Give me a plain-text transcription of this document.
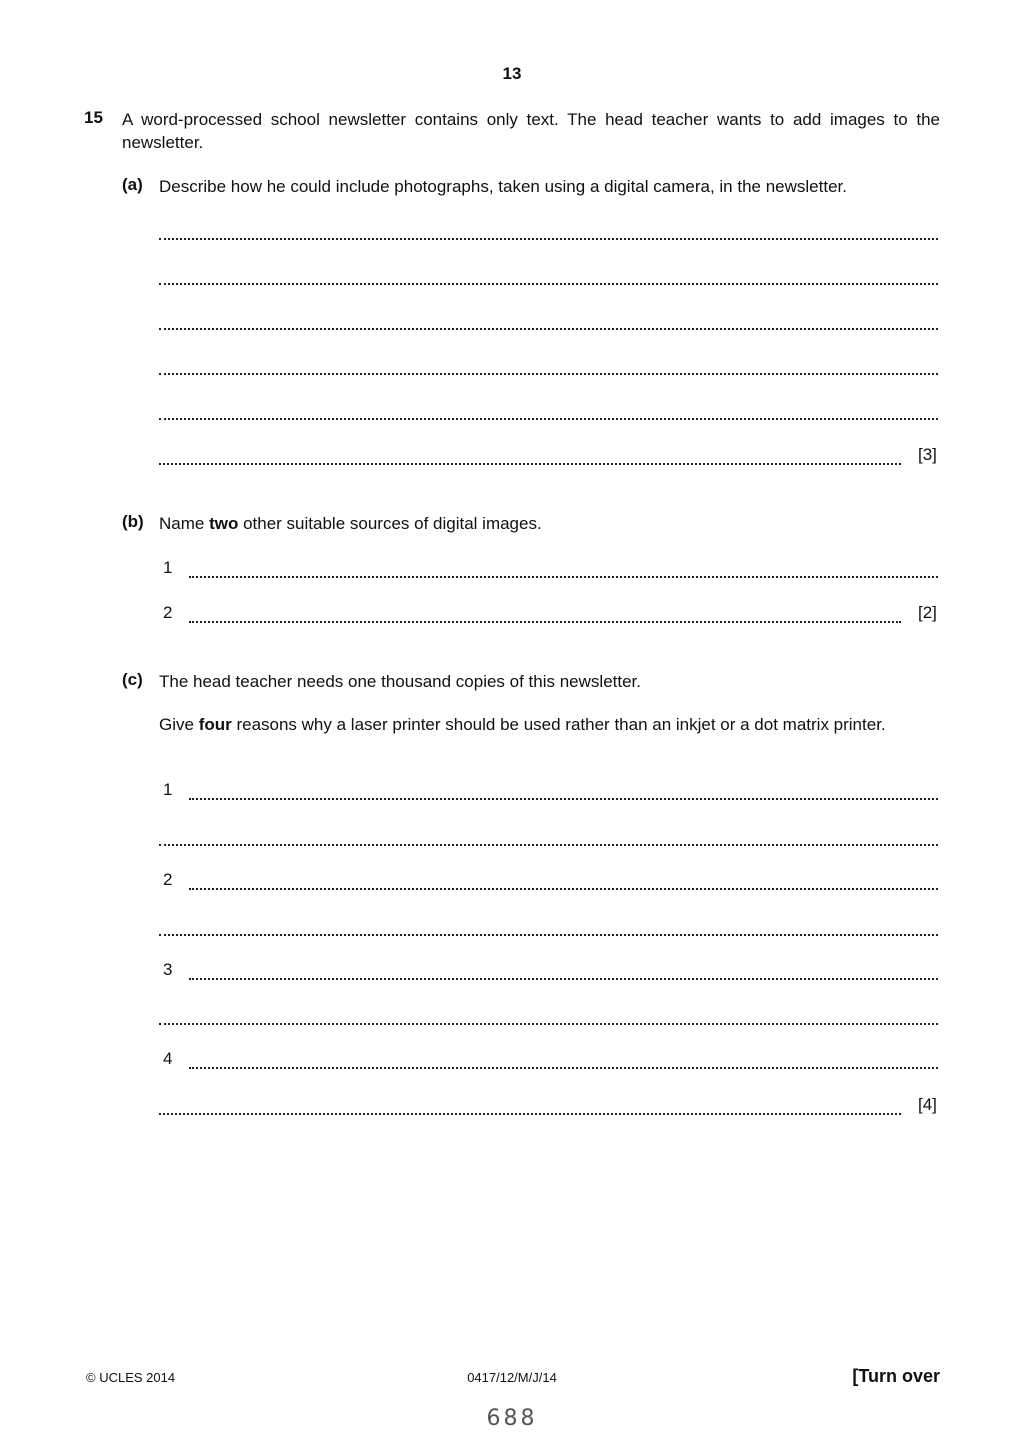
13
15 A word-processed school newsletter contains only text. The head teacher wants to add images to the newsletter.
(a) Describe how he could include photographs, taken using a digital camera, in the newsletter.
[3]
(b) Name two other suitable sources of digital images.
1
2	[2]
(c) The head teacher needs one thousand copies of this newsletter.
Give four reasons why a laser printer should be used rather than an inkjet or a dot matrix printer.
1
2
3
4
[4]
© UCLES 2014	0417/12/M/J/14	[Turn over
688
